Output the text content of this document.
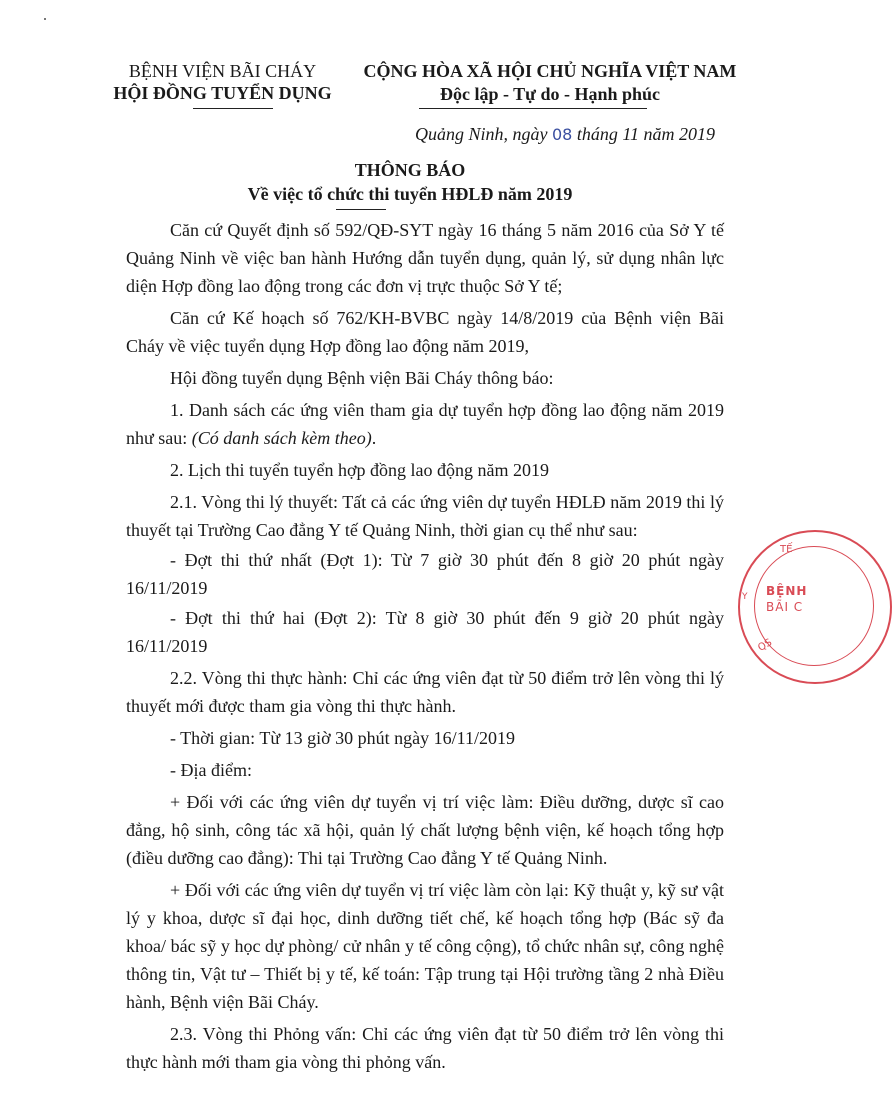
BỆNH VIỆN BÃI CHÁY
HỘI ĐỒNG TUYỂN DỤNG
CỘNG HÒA XÃ HỘI CHỦ NGHĨA VIỆT NAM
Độc lập - Tự do - Hạnh phúc
Quảng Ninh, ngày 08 tháng 11 năm 2019
THÔNG BÁO
Về việc tổ chức thi tuyển HĐLĐ năm 2019

Căn cứ Quyết định số 592/QĐ-SYT ngày 16 tháng 5 năm 2016 của Sở Y tế Quảng Ninh về việc ban hành Hướng dẫn tuyển dụng, quản lý, sử dụng nhân lực diện Hợp đồng lao động trong các đơn vị trực thuộc Sở Y tế;

Căn cứ Kế hoạch số 762/KH-BVBC ngày 14/8/2019 của Bệnh viện Bãi Cháy về việc tuyển dụng Hợp đồng lao động năm 2019,

Hội đồng tuyển dụng Bệnh viện Bãi Cháy thông báo:

1. Danh sách các ứng viên tham gia dự tuyển hợp đồng lao động năm 2019 như sau: (Có danh sách kèm theo).

2. Lịch thi tuyển tuyển hợp đồng lao động năm 2019

2.1. Vòng thi lý thuyết: Tất cả các ứng viên dự tuyển HĐLĐ năm 2019 thi lý thuyết tại Trường Cao đẳng Y tế Quảng Ninh, thời gian cụ thể như sau:

- Đợt thi thứ nhất (Đợt 1): Từ 7 giờ 30 phút đến 8 giờ 20 phút ngày 16/11/2019

- Đợt thi thứ hai (Đợt 2): Từ 8 giờ 30 phút đến 9 giờ 20 phút ngày 16/11/2019

2.2. Vòng thi thực hành: Chỉ các ứng viên đạt từ 50 điểm trở lên vòng thi lý thuyết mới được tham gia vòng thi thực hành.

- Thời gian: Từ 13 giờ 30 phút ngày 16/11/2019

- Địa điểm:

+ Đối với các ứng viên dự tuyển vị trí việc làm: Điều dưỡng, dược sĩ cao đẳng, hộ sinh, công tác xã hội, quản lý chất lượng bệnh viện, kế hoạch tổng hợp (điều dưỡng cao đẳng): Thi tại Trường Cao đẳng Y tế Quảng Ninh.

+ Đối với các ứng viên dự tuyển vị trí việc làm còn lại: Kỹ thuật y, kỹ sư vật lý y khoa, dược sĩ đại học, dinh dưỡng tiết chế, kế hoạch tổng hợp (Bác sỹ đa khoa/ bác sỹ y học dự phòng/ cử nhân y tế công cộng), tổ chức nhân sự, công nghệ thông tin, Vật tư – Thiết bị y tế, kế toán: Tập trung tại Hội trường tầng 2 nhà Điều hành, Bệnh viện Bãi Cháy.

2.3. Vòng thi Phỏng vấn: Chỉ các ứng viên đạt từ 50 điểm trở lên vòng thi thực hành mới tham gia vòng thi phỏng vấn.

TẾ
BỆNH
BÃI C
Y
QS
